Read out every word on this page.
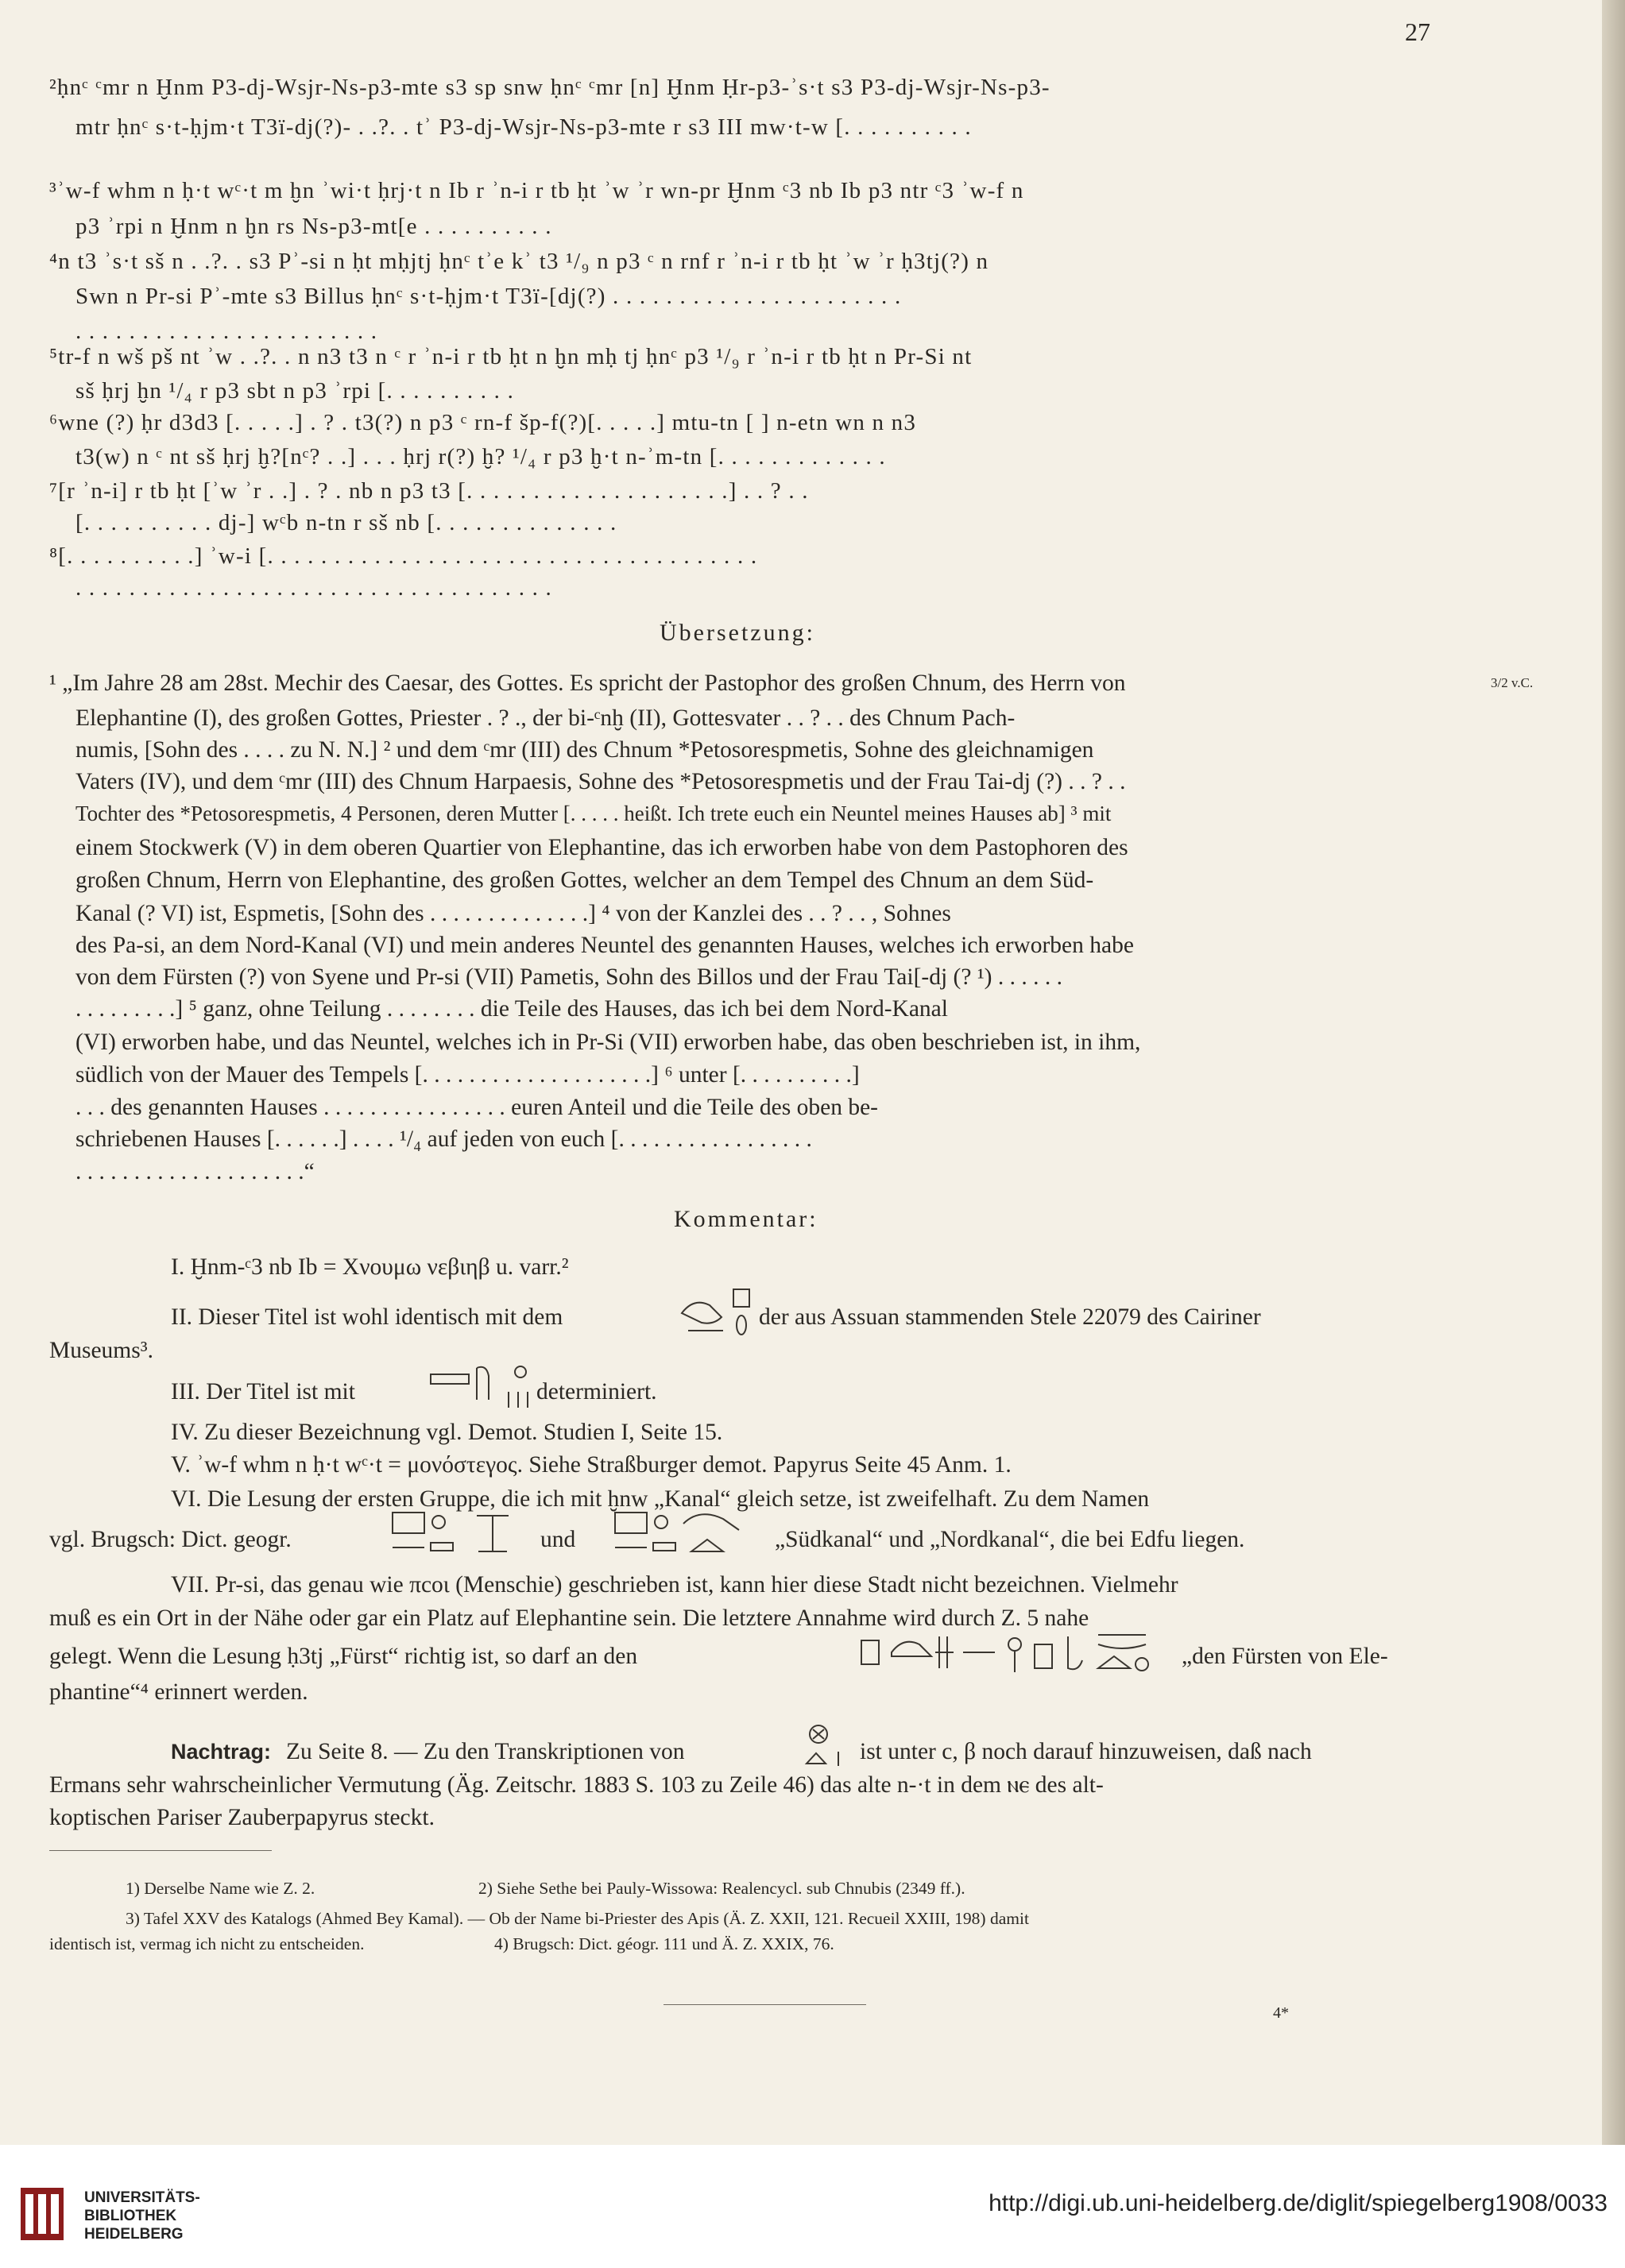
27
²ḥnᶜ ᶜmr n Ḫnm P3-dj-Wsjr-Ns-p3-mte s3 sp snw ḥnᶜ ᶜmr [n] Ḫnm Ḥr-p3-ʾs·t s3 P3-dj-Wsjr-Ns-p3-
mtr ḥnᶜ s·t-ḥjm·t T3ï-dj(?)- . .?. . tʾ P3-dj-Wsjr-Ns-p3-mte r s3 III mw·t-w [. . . . . . . . . .
³ʾw-f whm n ḥ·t wᶜ·t m ḫn ʾwi·t ḥrj·t n Ib r ʾn-i r tb ḥt ʾw ʾr wn-pr Ḫnm ᶜ3 nb Ib p3 ntr ᶜ3 ʾw-f n
p3 ʾrpi n Ḫnm n ḫn rs Ns-p3-mt[e . . . . . . . . . .
⁴n t3 ʾs·t sš n . .?. . s3 Pʾ-si n ḥt mḥjtj ḥnᶜ tʾe kʾ t3 ¹/₉ n p3 ᶜ n rnf r ʾn-i r tb ḥt ʾw ʾr ḥ3tj(?) n
Swn n Pr-si Pʾ-mte s3 Billus ḥnᶜ s·t-ḥjm·t T3ï-[dj(?) . . . . . . . . . . . . . . . . . . . . . .
. . . . . . . . . . . . . . . . . . . . . . .
⁵tr-f n wš pš nt ʾw . .?. . n n3 t3 n ᶜ r ʾn-i r tb ḥt n ḫn mḥ tj ḥnᶜ p3 ¹/₉ r ʾn-i r tb ḥt n Pr-Si nt
sš ḥrj ḫn ¹/₄ r p3 sbt n p3 ʾrpi [. . . . . . . . . .
⁶wne (?) ḥr d3d3 [. . . . .] . ? . t3(?) n p3 ᶜ rn-f šp-f(?)[. . . . .] mtu-tn [ ] n-etn wn n n3
t3(w) n ᶜ nt sš ḥrj ḫ?[nᶜ? . .] . . . ḥrj r(?) ḫ? ¹/₄ r p3 ḫ·t n-ʾm-tn [. . . . . . . . . . . . .
⁷[r ʾn-i] r tb ḥt [ʾw ʾr . .] . ? . nb n p3 t3 [. . . . . . . . . . . . . . . . . . . .] . . ? . .
[. . . . . . . . . . dj-] wᶜb n-tn r sš nb [. . . . . . . . . . . . . .
⁸[. . . . . . . . . .] ʾw-i [. . . . . . . . . . . . . . . . . . . . . . . . . . . . . . . . . . . . .
. . . . . . . . . . . . . . . . . . . . . . . . . . . . . . . . . . . .
Übersetzung:
3/2 v.C.
¹ „Im Jahre 28 am 28st. Mechir des Caesar, des Gottes. Es spricht der Pastophor des großen Chnum, des Herrn von
Elephantine (I), des großen Gottes, Priester . ? ., der bi-ᶜnḫ (II), Gottesvater . . ? . . des Chnum Pach-
numis, [Sohn des . . . . zu N. N.] ² und dem ᶜmr (III) des Chnum *Petosorespmetis, Sohne des gleichnamigen
Vaters (IV), und dem ᶜmr (III) des Chnum Harpaesis, Sohne des *Petosorespmetis und der Frau Tai-dj (?) . . ? . .
Tochter des *Petosorespmetis, 4 Personen, deren Mutter [. . . . . heißt. Ich trete euch ein Neuntel meines Hauses ab] ³ mit
einem Stockwerk (V) in dem oberen Quartier von Elephantine, das ich erworben habe von dem Pastophoren des
großen Chnum, Herrn von Elephantine, des großen Gottes, welcher an dem Tempel des Chnum an dem Süd-
Kanal (? VI) ist, Espmetis, [Sohn des . . . . . . . . . . . . . .] ⁴ von der Kanzlei des . . ? . . , Sohnes
des Pa-si, an dem Nord-Kanal (VI) und mein anderes Neuntel des genannten Hauses, welches ich erworben habe
von dem Fürsten (?) von Syene und Pr-si (VII) Pametis, Sohn des Billos und der Frau Tai[-dj (? ¹) . . . . . .
. . . . . . . . .] ⁵ ganz, ohne Teilung . . . . . . . . die Teile des Hauses, das ich bei dem Nord-Kanal
(VI) erworben habe, und das Neuntel, welches ich in Pr-Si (VII) erworben habe, das oben beschrieben ist, in ihm,
südlich von der Mauer des Tempels [. . . . . . . . . . . . . . . . . . . .] ⁶ unter [. . . . . . . . . .]
. . . des genannten Hauses . . . . . . . . . . . . . . . . euren Anteil und die Teile des oben be-
schriebenen Hauses [. . . . . .] . . . . ¹/₄ auf jeden von euch [. . . . . . . . . . . . . . . . .
. . . . . . . . . . . . . . . . . . . .“
Kommentar:
I. Ḫnm-ᶜ3 nb Ib = Χνουμω νεβιηβ u. varr.²
II. Dieser Titel ist wohl identisch mit dem	der aus Assuan stammenden Stele 22079 des Cairiner
Museums³.
III. Der Titel ist mit	determiniert.
IV. Zu dieser Bezeichnung vgl. Demot. Studien I, Seite 15.
V. ʾw-f whm n ḥ·t wᶜ·t = μονόστεγος. Siehe Straßburger demot. Papyrus Seite 45 Anm. 1.
VI. Die Lesung der ersten Gruppe, die ich mit ḫnw „Kanal“ gleich setze, ist zweifelhaft. Zu dem Namen
vgl. Brugsch: Dict. geogr.	und	„Südkanal“ und „Nordkanal“, die bei Edfu liegen.
VII. Pr-si, das genau wie πcoι (Menschie) geschrieben ist, kann hier diese Stadt nicht bezeichnen. Vielmehr
muß es ein Ort in der Nähe oder gar ein Platz auf Elephantine sein. Die letztere Annahme wird durch Z. 5 nahe
gelegt. Wenn die Lesung ḥ3tj „Fürst“ richtig ist, so darf an den	„den Fürsten von Ele-
phantine“⁴ erinnert werden.
Nachtrag: Zu Seite 8. — Zu den Transkriptionen von	ist unter c, β noch darauf hinzuweisen, daß nach
Ermans sehr wahrscheinlicher Vermutung (Äg. Zeitschr. 1883 S. 103 zu Zeile 46) das alte n-·t in dem ⲛⲉ des alt-
koptischen Pariser Zauberpapyrus steckt.
1) Derselbe Name wie Z. 2.	2) Siehe Sethe bei Pauly-Wissowa: Realencycl. sub Chnubis (2349 ff.).
3) Tafel XXV des Katalogs (Ahmed Bey Kamal). — Ob der Name bi-Priester des Apis (Ä. Z. XXII, 121. Recueil XXIII, 198) damit
identisch ist, vermag ich nicht zu entscheiden.	4) Brugsch: Dict. géogr. 111 und Ä. Z. XXIX, 76.
4*
UNIVERSITÄTS-
BIBLIOTHEK
HEIDELBERG
http://digi.ub.uni-heidelberg.de/diglit/spiegelberg1908/0033
